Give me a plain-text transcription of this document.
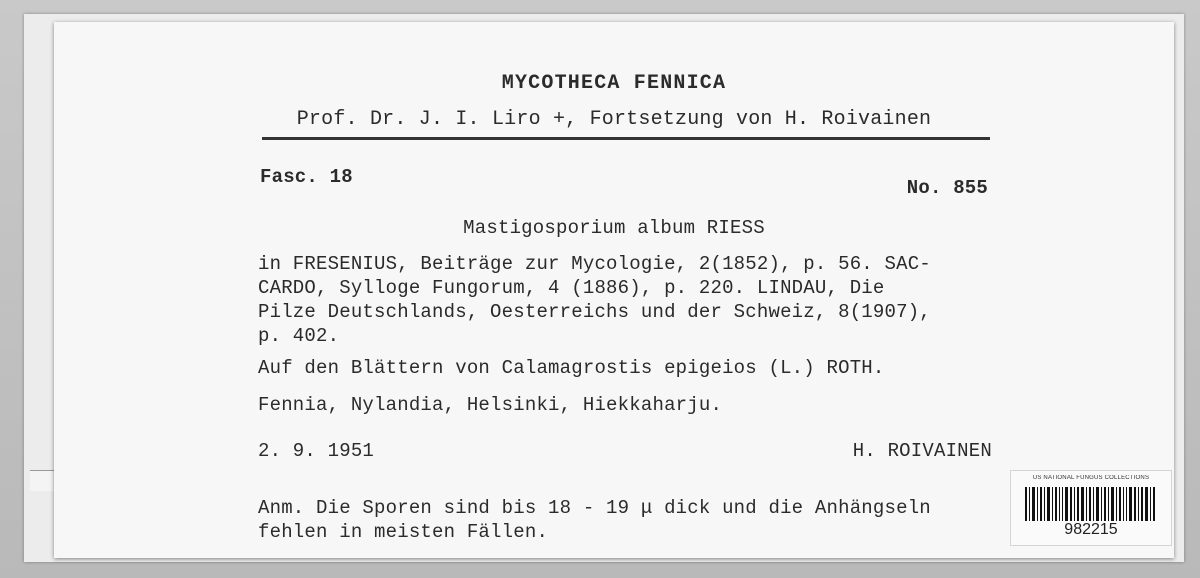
MYCOTHECA FENNICA
Prof. Dr. J. I. Liro +, Fortsetzung von H. Roivainen
Fasc. 18	No. 855
Mastigosporium album RIESS
in FRESENIUS, Beiträge zur Mycologie, 2(1852), p. 56. SAC-
CARDO, Sylloge Fungorum, 4 (1886), p. 220. LINDAU, Die
Pilze Deutschlands, Oesterreichs und der Schweiz, 8(1907),
p. 402.
Auf den Blättern von Calamagrostis epigeios (L.) ROTH.
Fennia, Nylandia, Helsinki, Hiekkaharju.
2. 9. 1951	H. ROIVAINEN
Anm. Die Sporen sind bis 18 - 19 μ dick und die Anhängseln
fehlen in meisten Fällen.
US NATIONAL FUNGUS COLLECTIONS
982215
